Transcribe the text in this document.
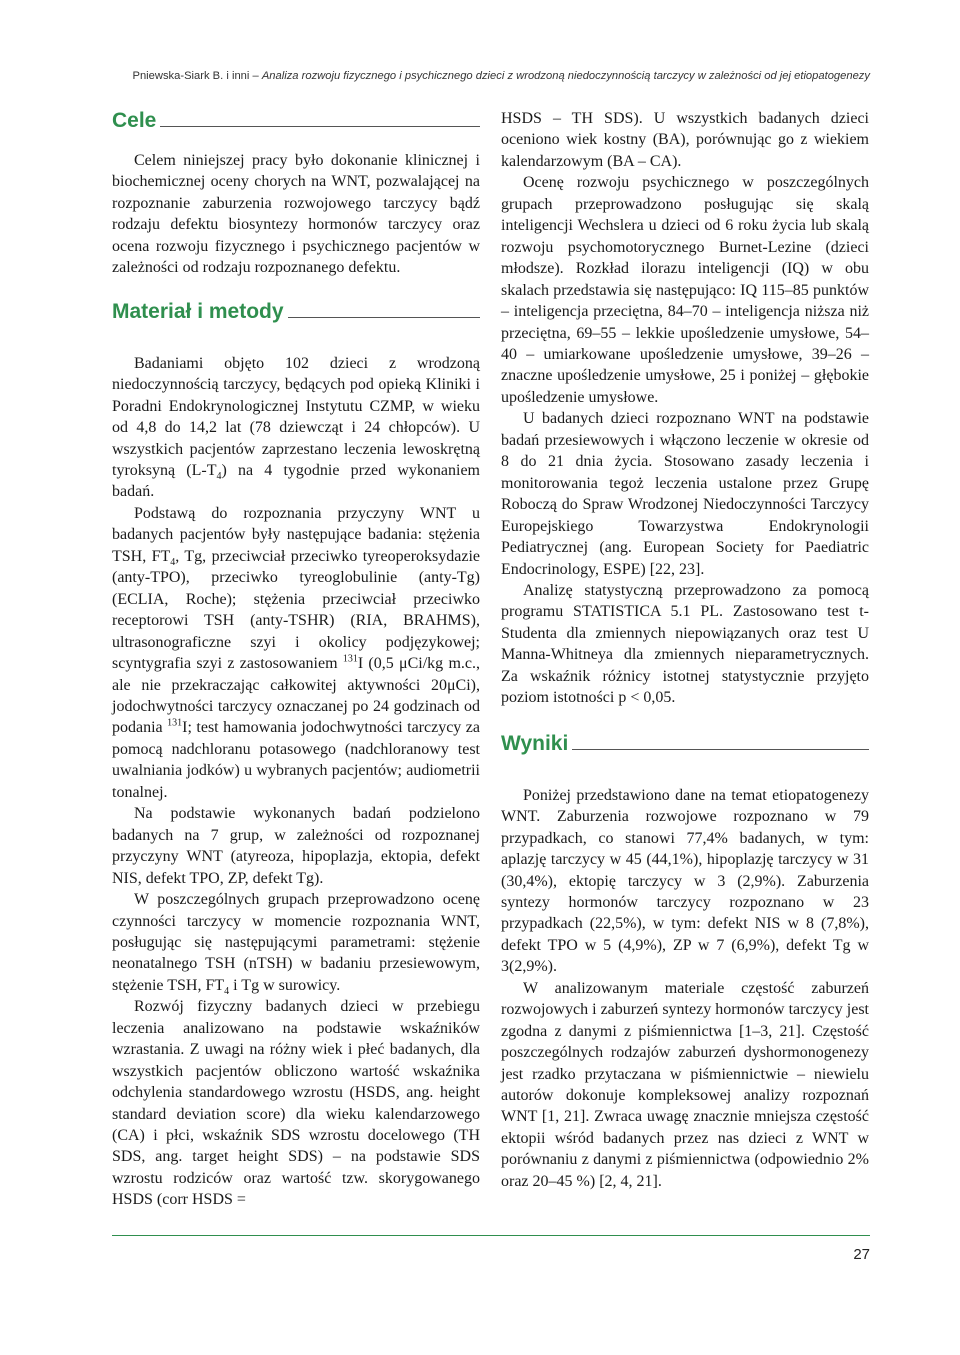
Pniewska-Siark B. i inni – Analiza rozwoju fizycznego i psychicznego dzieci z wrodzoną niedoczynnością tarczycy w zależności od jej etiopatogenezy
Cele

Celem niniejszej pracy było dokonanie klinicznej i biochemicznej oceny chorych na WNT, pozwalającej na rozpoznanie zaburzenia rozwojowego tarczycy bądź rodzaju defektu biosyntezy hormonów tarczycy oraz ocena rozwoju fizycznego i psychicznego pacjentów w zależności od rodzaju rozpoznanego defektu.

Materiał i metody

Badaniami objęto 102 dzieci z wrodzoną niedoczynnością tarczycy, będących pod opieką Kliniki i Poradni Endokrynologicznej Instytutu CZMP, w wieku od 4,8 do 14,2 lat (78 dziewcząt i 24 chłopców). U wszystkich pacjentów zaprzestano leczenia lewoskrętną tyroksyną $(L-T_4)$ na 4 tygodnie przed wykonaniem badań.

Podstawą do rozpoznania przyczyny WNT u badanych pacjentów były następujące badania: stężenia TSH, $FT_4$, Tg, przeciwciał przeciwko tyreoperoksydazie (anty-TPO), przeciwko tyreoglobulinie (anty-Tg) (ECLIA, Roche); stężenia przeciwciał przeciwko receptorowi TSH (anty-TSHR) (RIA, BRAHMS), ultrasonograficzne szyi i okolicy podjęzykowej; scyntygrafia szyi z zastosowaniem $^{131}$I (0,5 μCi/kg m.c., ale nie przekraczając całkowitej aktywności 20μCi), jodochwytności tarczycy oznaczanej po 24 godzinach od podania $^{131}$I; test hamowania jodochwytności tarczycy za pomocą nadchloranu potasowego (nadchloranowy test uwalniania jodków) u wybranych pacjentów; audiometrii tonalnej.

Na podstawie wykonanych badań podzielono badanych na 7 grup, w zależności od rozpoznanej przyczyny WNT (atyreoza, hipoplazja, ektopia, defekt NIS, defekt TPO, ZP, defekt Tg).

W poszczególnych grupach przeprowadzono ocenę czynności tarczycy w momencie rozpoznania WNT, posługując się następującymi parametrami: stężenie neonatalnego TSH (nTSH) w badaniu przesiewowym, stężenie TSH, $FT_4$ i Tg w surowicy.

Rozwój fizyczny badanych dzieci w przebiegu leczenia analizowano na podstawie wskaźników wzrastania. Z uwagi na różny wiek i płeć badanych, dla wszystkich pacjentów obliczono wartość wskaźnika odchylenia standardowego wzrostu (HSDS, ang. height standard deviation score) dla wieku kalendarzowego (CA) i płci, wskaźnik SDS wzrostu docelowego (TH SDS, ang. target height SDS) – na podstawie SDS wzrostu rodziców oraz wartość tzw. skorygowanego HSDS (corr HSDS =

HSDS – TH SDS). U wszystkich badanych dzieci oceniono wiek kostny (BA), porównując go z wiekiem kalendarzowym (BA – CA).

Ocenę rozwoju psychicznego w poszczególnych grupach przeprowadzono posługując się skalą inteligencji Wechslera u dzieci od 6 roku życia lub skalą rozwoju psychomotorycznego Burnet-Lezine (dzieci młodsze). Rozkład ilorazu inteligencji (IQ) w obu skalach przedstawia się następująco: IQ 115–85 punktów – inteligencja przeciętna, 84–70 – inteligencja niższa niż przeciętna, 69–55 – lekkie upośledzenie umysłowe, 54–40 – umiarkowane upośledzenie umysłowe, 39–26 – znaczne upośledzenie umysłowe, 25 i poniżej – głębokie upośledzenie umysłowe.

U badanych dzieci rozpoznano WNT na podstawie badań przesiewowych i włączono leczenie w okresie od 8 do 21 dnia życia. Stosowano zasady leczenia i monitorowania tegoż leczenia ustalone przez Grupę Roboczą do Spraw Wrodzonej Niedoczynności Tarczycy Europejskiego Towarzystwa Endokrynologii Pediatrycznej (ang. European Society for Paediatric Endocrinology, ESPE) [22, 23].

Analizę statystyczną przeprowadzono za pomocą programu STATISTICA 5.1 PL. Zastosowano test t-Studenta dla zmiennych niepowiązanych oraz test U Manna-Whitneya dla zmiennych nieparametrycznych. Za wskaźnik różnicy istotnej statystycznie przyjęto poziom istotności p < 0,05.

Wyniki

Poniżej przedstawiono dane na temat etiopatogenezy WNT. Zaburzenia rozwojowe rozpoznano w 79 przypadkach, co stanowi 77,4% badanych, w tym: aplazję tarczycy w 45 (44,1%), hipoplazję tarczycy w 31 (30,4%), ektopię tarczycy w 3 (2,9%). Zaburzenia syntezy hormonów tarczycy rozpoznano w 23 przypadkach (22,5%), w tym: defekt NIS w 8 (7,8%), defekt TPO w 5 (4,9%), ZP w 7 (6,9%), defekt Tg w 3(2,9%).

W analizowanym materiale częstość zaburzeń rozwojowych i zaburzeń syntezy hormonów tarczycy jest zgodna z danymi z piśmiennictwa [1–3, 21]. Częstość poszczególnych rodzajów zaburzeń dyshormonogenezy jest rzadko przytaczana w piśmiennictwie – niewielu autorów dokonuje kompleksowej analizy rozpoznań WNT [1, 21]. Zwraca uwagę znacznie mniejsza częstość ektopii wśród badanych przez nas dzieci z WNT w porównaniu z danymi z piśmiennictwa (odpowiednio 2% oraz 20–45 %) [2, 4, 21].

27
